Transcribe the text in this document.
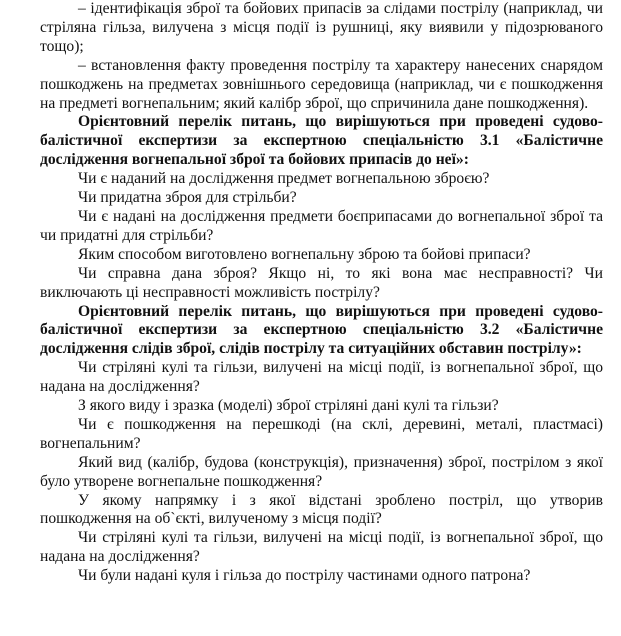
– ідентифікація зброї та бойових припасів за слідами пострілу (наприклад, чи стріляна гільза, вилучена з місця події із рушниці, яку виявили у підозрюваного тощо);

– встановлення факту проведення пострілу та характеру нанесених снарядом пошкоджень на предметах зовнішнього середовища (наприклад, чи є пошкодження на предметі вогнепальним; який калібр зброї, що спричинила дане пошкодження).

Орієнтовний перелік питань, що вирішуються при проведені судово-балістичної експертизи за експертною спеціальністю 3.1 «Балістичне дослідження вогнепальної зброї та бойових припасів до неї»:

Чи є наданий на дослідження предмет вогнепальною зброєю?

Чи придатна зброя для стрільби?

Чи є надані на дослідження предмети боєприпасами до вогнепальної зброї та чи придатні для стрільби?

Яким способом виготовлено вогнепальну зброю та бойові припаси?

Чи справна дана зброя? Якщо ні, то які вона має несправності? Чи виключають ці несправності можливість пострілу?

Орієнтовний перелік питань, що вирішуються при проведені судово-балістичної експертизи за експертною спеціальністю 3.2 «Балістичне дослідження слідів зброї, слідів пострілу та ситуаційних обставин пострілу»:

Чи стріляні кулі та гільзи, вилучені на місці події, із вогнепальної зброї, що надана на дослідження?

З якого виду і зразка (моделі) зброї стріляні дані кулі та гільзи?

Чи є пошкодження на перешкоді (на склі, деревині, металі, пластмасі) вогнепальним?

Який вид (калібр, будова (конструкція), призначення) зброї, пострілом з якої було утворене вогнепальне пошкодження?

У якому напрямку і з якої відстані зроблено постріл, що утворив пошкодження на об`єкті, вилученому з місця події?

Чи стріляні кулі та гільзи, вилучені на місці події, із вогнепальної зброї, що надана на дослідження?

Чи були надані куля і гільза до пострілу частинами одного патрона?
